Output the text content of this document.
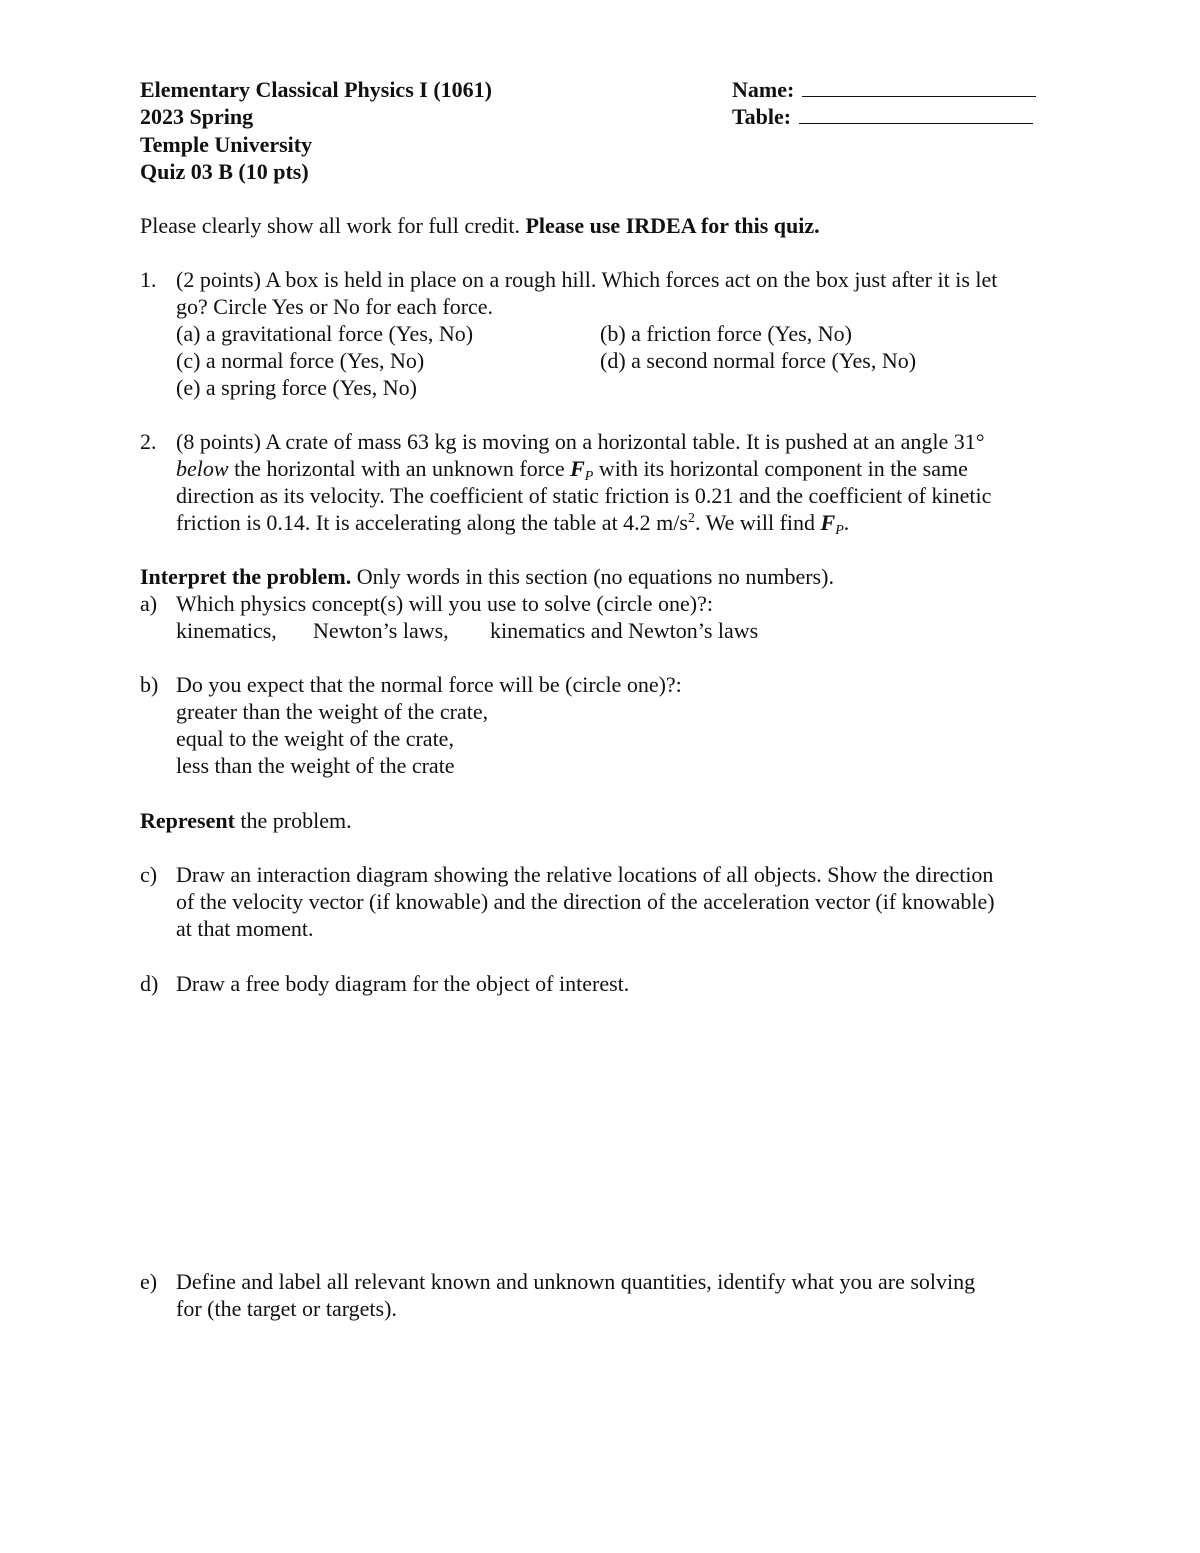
Elementary Classical Physics I (1061)
2023 Spring
Temple University
Quiz 03 B (10 pts)
Name:
Table:
Please clearly show all work for full credit. Please use IRDEA for this quiz.
1. (2 points) A box is held in place on a rough hill. Which forces act on the box just after it is let
go? Circle Yes or No for each force.
(a) a gravitational force (Yes, No)	(b) a friction force (Yes, No)
(c) a normal force (Yes, No)	(d) a second normal force (Yes, No)
(e) a spring force (Yes, No)
2. (8 points) A crate of mass 63 kg is moving on a horizontal table. It is pushed at an angle 31°
below the horizontal with an unknown force $F_P$ with its horizontal component in the same
direction as its velocity. The coefficient of static friction is 0.21 and the coefficient of kinetic
friction is 0.14. It is accelerating along the table at 4.2 $m/s^2$. We will find $F_P$.
Interpret the problem. Only words in this section (no equations no numbers).
a) Which physics concept(s) will you use to solve (circle one)?:
kinematics, Newton’s laws, kinematics and Newton’s laws
b) Do you expect that the normal force will be (circle one)?:
greater than the weight of the crate,
equal to the weight of the crate,
less than the weight of the crate
Represent the problem.
c) Draw an interaction diagram showing the relative locations of all objects. Show the direction
of the velocity vector (if knowable) and the direction of the acceleration vector (if knowable)
at that moment.
d) Draw a free body diagram for the object of interest.
e) Define and label all relevant known and unknown quantities, identify what you are solving
for (the target or targets).
